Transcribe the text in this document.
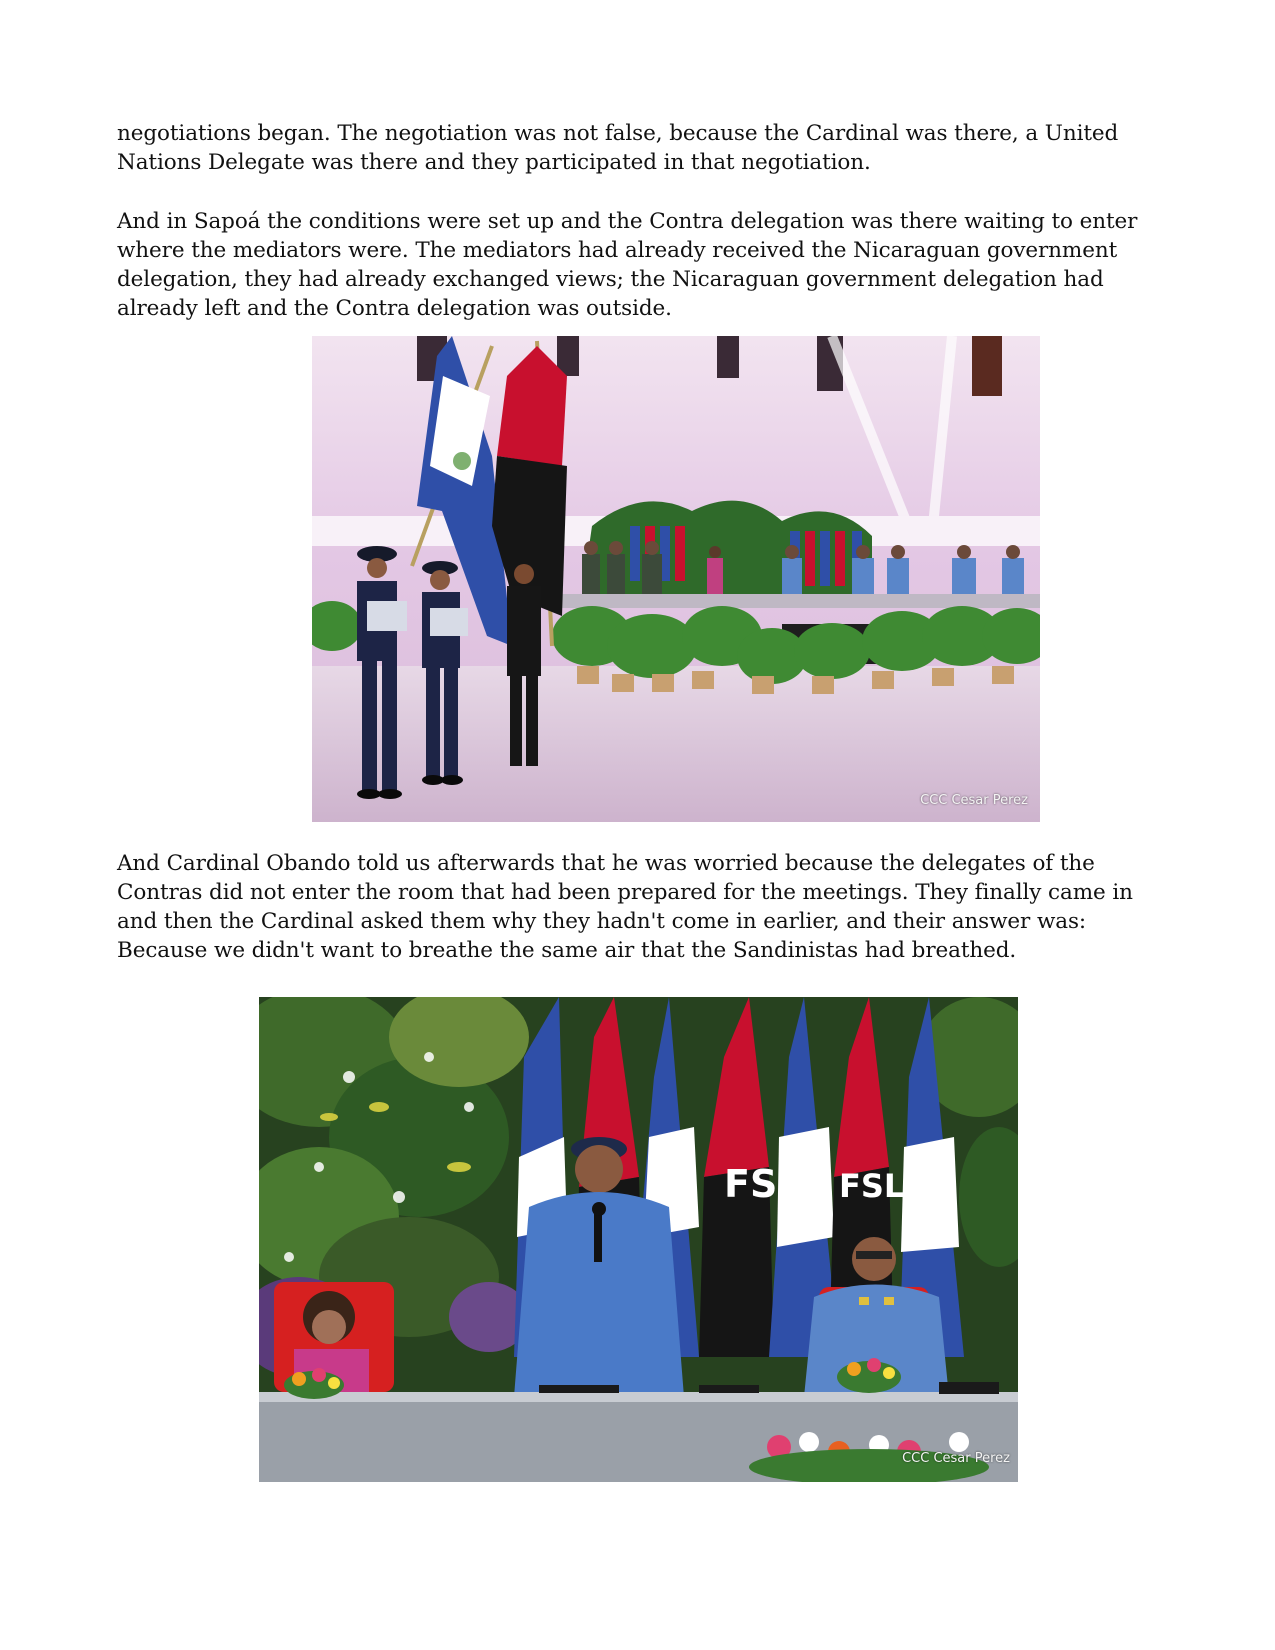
negotiations began. The negotiation was not false, because the Cardinal was there, a United Nations Delegate was there and they participated in that negotiation.

And in Sapoá the conditions were set up and the Contra delegation was there waiting to enter where the mediators were. The mediators had already received the Nicaraguan government delegation, they had already exchanged views; the Nicaraguan government delegation had already left and the Contra delegation was outside.

CCC Cesar Perez

And Cardinal Obando told us afterwards that he was worried because the delegates of the Contras did not enter the room that had been prepared for the meetings. They finally came in and then the Cardinal asked them why they hadn't come in earlier, and their answer was: Because we didn't want to breathe the same air that the Sandinistas had breathed.

FSL FSL
CCC Cesar Perez
